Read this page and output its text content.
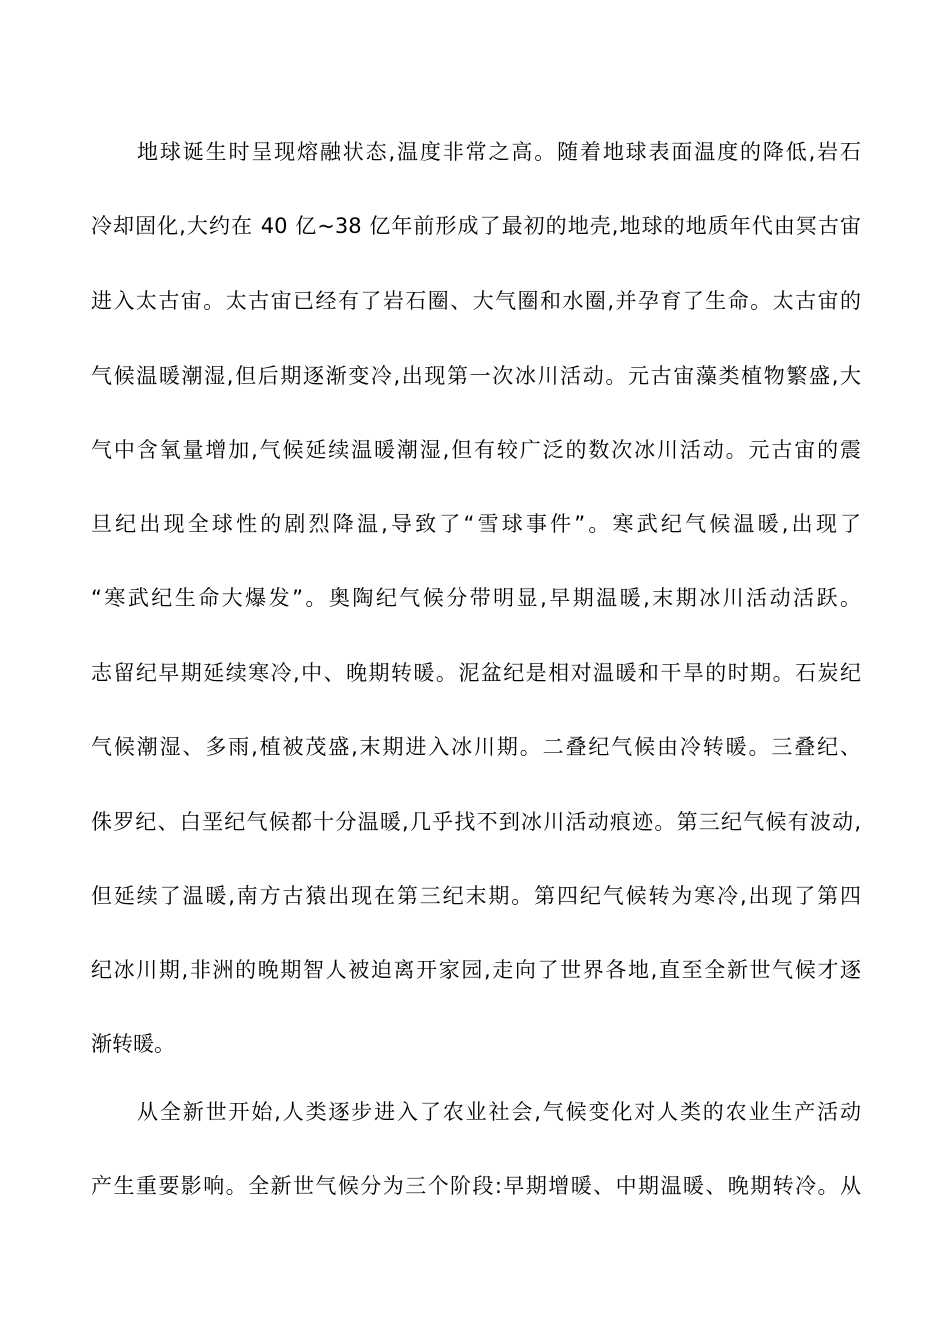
地球诞生时呈现熔融状态,温度非常之高。随着地球表面温度的降低,岩石
冷却固化,大约在 40 亿~38 亿年前形成了最初的地壳,地球的地质年代由冥古宙
进入太古宙。太古宙已经有了岩石圈、大气圈和水圈,并孕育了生命。太古宙的
气候温暖潮湿,但后期逐渐变冷,出现第一次冰川活动。元古宙藻类植物繁盛,大
气中含氧量增加,气候延续温暖潮湿,但有较广泛的数次冰川活动。元古宙的震
旦纪出现全球性的剧烈降温,导致了“雪球事件”。寒武纪气候温暖,出现了
“寒武纪生命大爆发”。奥陶纪气候分带明显,早期温暖,末期冰川活动活跃。
志留纪早期延续寒冷,中、晚期转暖。泥盆纪是相对温暖和干旱的时期。石炭纪
气候潮湿、多雨,植被茂盛,末期进入冰川期。二叠纪气候由冷转暖。三叠纪、
侏罗纪、白垩纪气候都十分温暖,几乎找不到冰川活动痕迹。第三纪气候有波动,
但延续了温暖,南方古猿出现在第三纪末期。第四纪气候转为寒冷,出现了第四
纪冰川期,非洲的晚期智人被迫离开家园,走向了世界各地,直至全新世气候才逐
渐转暖。
从全新世开始,人类逐步进入了农业社会,气候变化对人类的农业生产活动
产生重要影响。全新世气候分为三个阶段:早期增暖、中期温暖、晚期转冷。从
